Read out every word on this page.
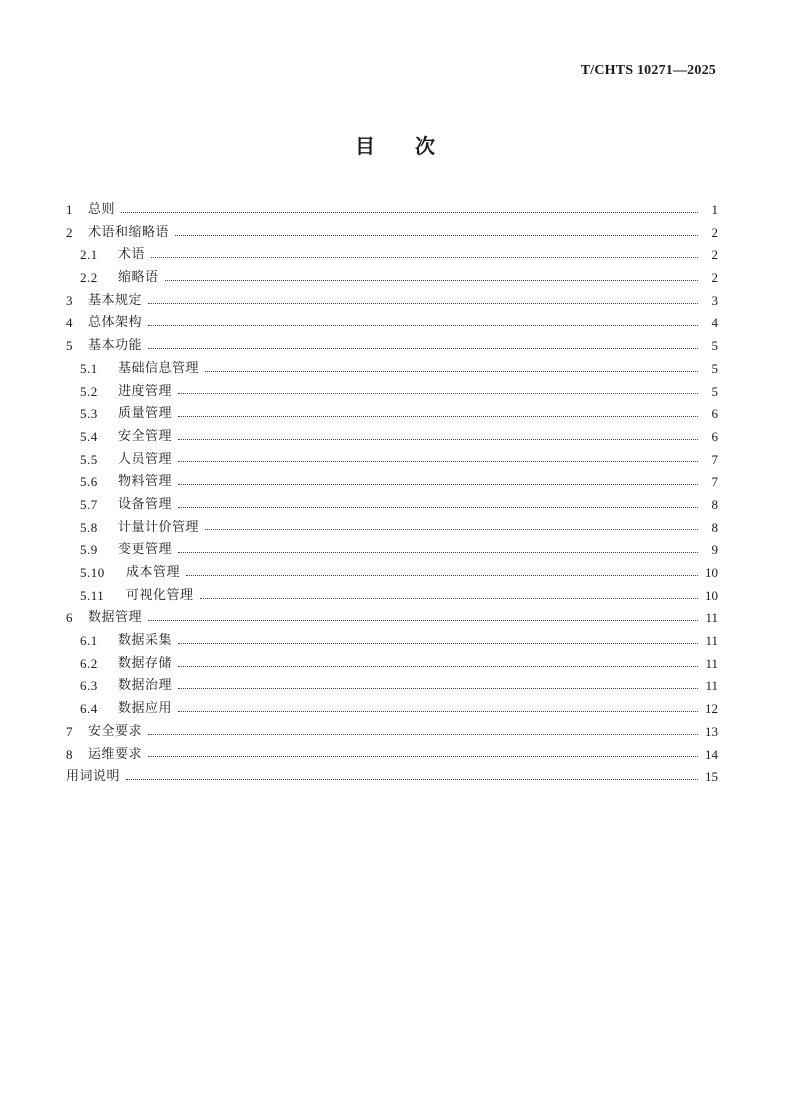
T/CHTS 10271—2025
目 次
1	总则	1
2	术语和缩略语	2
2.1	术语	2
2.2	缩略语	2
3	基本规定	3
4	总体架构	4
5	基本功能	5
5.1	基础信息管理	5
5.2	进度管理	5
5.3	质量管理	6
5.4	安全管理	6
5.5	人员管理	7
5.6	物料管理	7
5.7	设备管理	8
5.8	计量计价管理	8
5.9	变更管理	9
5.10	成本管理	10
5.11	可视化管理	10
6	数据管理	11
6.1	数据采集	11
6.2	数据存储	11
6.3	数据治理	11
6.4	数据应用	12
7	安全要求	13
8	运维要求	14
用词说明	15
